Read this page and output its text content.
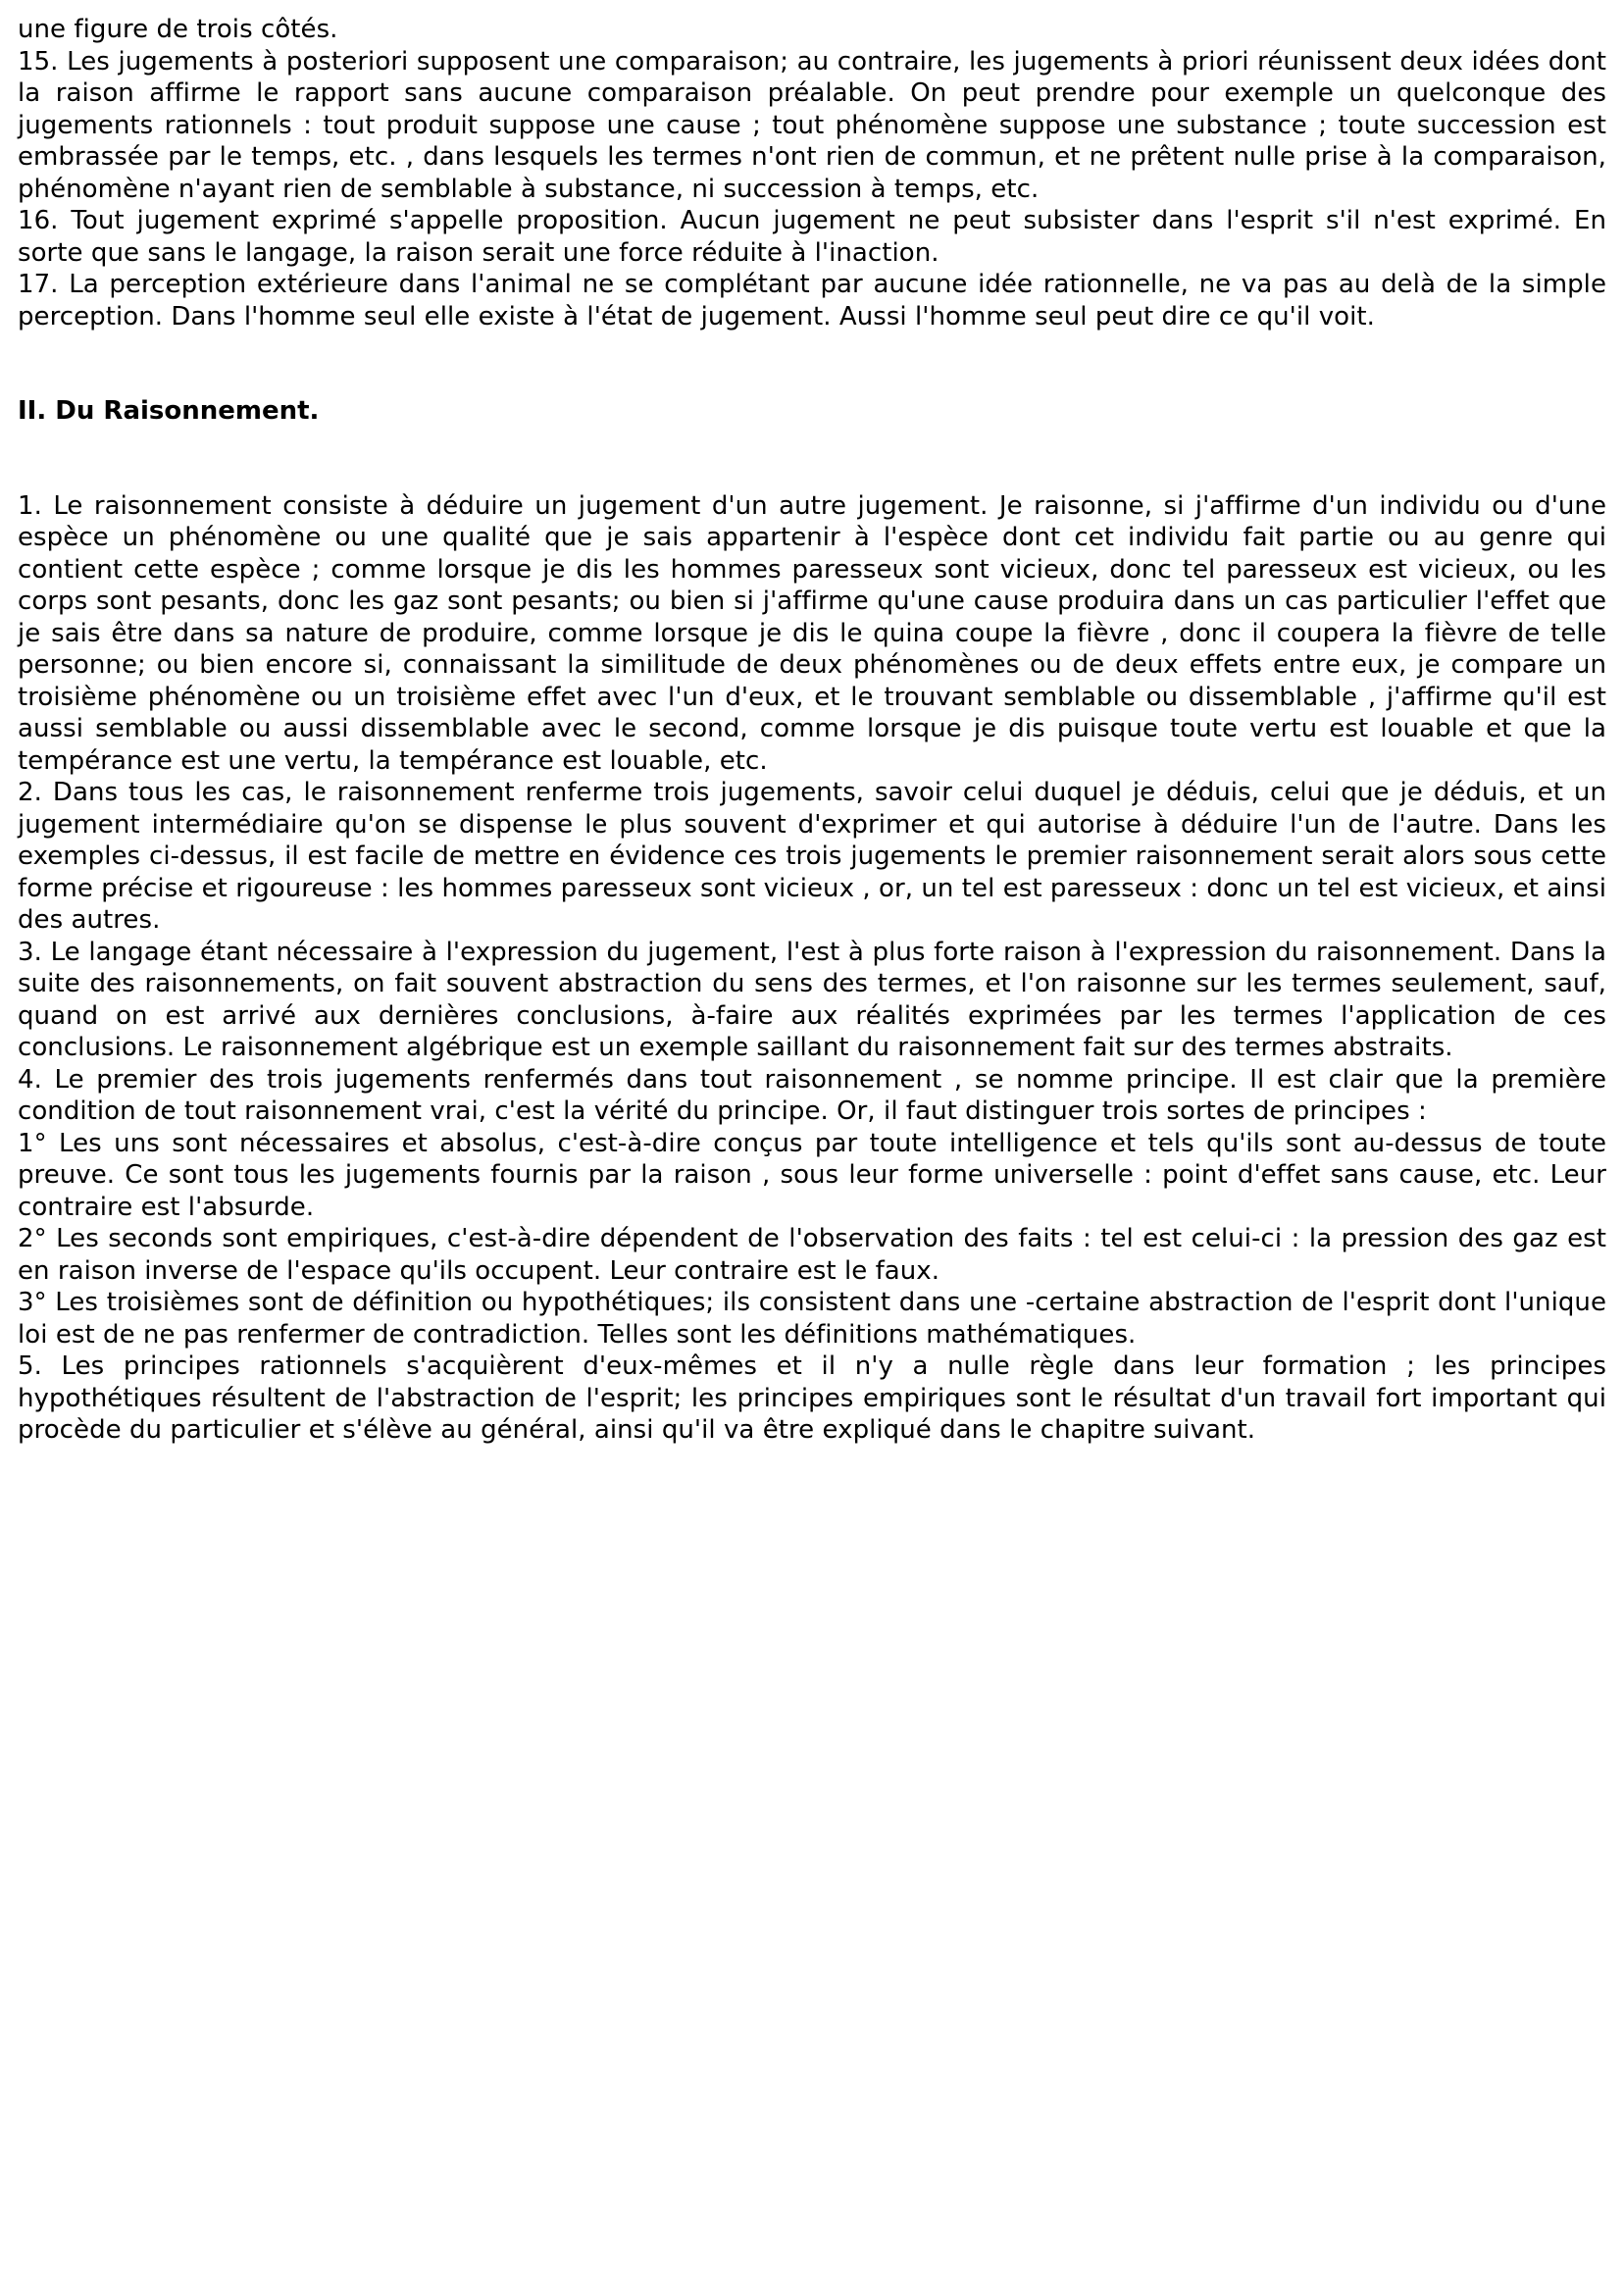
une figure de trois côtés.

15. Les jugements à posteriori supposent une comparaison; au contraire, les jugements à priori réunissent deux idées dont la raison affirme le rapport sans aucune comparaison préalable. On peut prendre pour exemple un quelconque des jugements rationnels : tout produit suppose une cause ; tout phénomène suppose une substance ; toute succession est embrassée par le temps, etc. , dans lesquels les termes n'ont rien de commun, et ne prêtent nulle prise à la comparaison, phénomène n'ayant rien de semblable à substance, ni succession à temps, etc.

16. Tout jugement exprimé s'appelle proposition. Aucun jugement ne peut subsister dans l'esprit s'il n'est exprimé. En sorte que sans le langage, la raison serait une force réduite à l'inaction.

17. La perception extérieure dans l'animal ne se complétant par aucune idée rationnelle, ne va pas au delà de la simple perception. Dans l'homme seul elle existe à l'état de jugement. Aussi l'homme seul peut dire ce qu'il voit.

II. Du Raisonnement.

1. Le raisonnement consiste à déduire un jugement d'un autre jugement. Je raisonne, si j'affirme d'un individu ou d'une espèce un phénomène ou une qualité que je sais appartenir à l'espèce dont cet individu fait partie ou au genre qui contient cette espèce ; comme lorsque je dis les hommes paresseux sont vicieux, donc tel paresseux est vicieux, ou les corps sont pesants, donc les gaz sont pesants; ou bien si j'affirme qu'une cause produira dans un cas particulier l'effet que je sais être dans sa nature de produire, comme lorsque je dis le quina coupe la fièvre , donc il coupera la fièvre de telle personne; ou bien encore si, connaissant la similitude de deux phénomènes ou de deux effets entre eux, je compare un troisième phénomène ou un troisième effet avec l'un d'eux, et le trouvant semblable ou dissemblable , j'affirme qu'il est aussi semblable ou aussi dissemblable avec le second, comme lorsque je dis puisque toute vertu est louable et que la tempérance est une vertu, la tempérance est louable, etc.

2. Dans tous les cas, le raisonnement renferme trois jugements, savoir celui duquel je déduis, celui que je déduis, et un jugement intermédiaire qu'on se dispense le plus souvent d'exprimer et qui autorise à déduire l'un de l'autre. Dans les exemples ci-dessus, il est facile de mettre en évidence ces trois jugements le premier raisonnement serait alors sous cette forme précise et rigoureuse : les hommes paresseux sont vicieux , or, un tel est paresseux : donc un tel est vicieux, et ainsi des autres.

3. Le langage étant nécessaire à l'expression du jugement, l'est à plus forte raison à l'expression du raisonnement. Dans la suite des raisonnements, on fait souvent abstraction du sens des termes, et l'on raisonne sur les termes seulement, sauf, quand on est arrivé aux dernières conclusions, à-faire aux réalités exprimées par les termes l'application de ces conclusions. Le raisonnement algébrique est un exemple saillant du raisonnement fait sur des termes abstraits.

4. Le premier des trois jugements renfermés dans tout raisonnement , se nomme principe. Il est clair que la première condition de tout raisonnement vrai, c'est la vérité du principe. Or, il faut distinguer trois sortes de principes :

1° Les uns sont nécessaires et absolus, c'est-à-dire conçus par toute intelligence et tels qu'ils sont au-dessus de toute preuve. Ce sont tous les jugements fournis par la raison , sous leur forme universelle : point d'effet sans cause, etc. Leur contraire est l'absurde.

2° Les seconds sont empiriques, c'est-à-dire dépendent de l'observation des faits : tel est celui-ci : la pression des gaz est en raison inverse de l'espace qu'ils occupent. Leur contraire est le faux.

3° Les troisièmes sont de définition ou hypothétiques; ils consistent dans une -certaine abstraction de l'esprit dont l'unique loi est de ne pas renfermer de contradiction. Telles sont les définitions mathématiques.

5. Les principes rationnels s'acquièrent d'eux-mêmes et il n'y a nulle règle dans leur formation ; les principes hypothétiques résultent de l'abstraction de l'esprit; les principes empiriques sont le résultat d'un travail fort important qui procède du particulier et s'élève au général, ainsi qu'il va être expliqué dans le chapitre suivant.
